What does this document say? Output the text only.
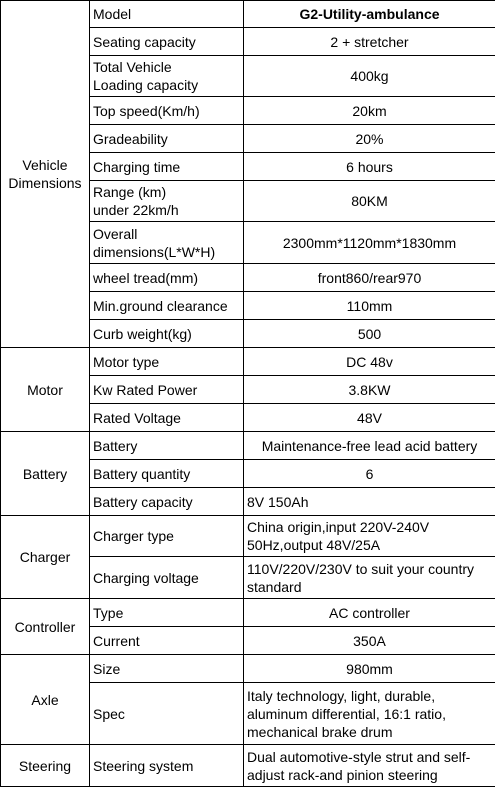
Vehicle
Dimensions	Model	G2-Utility-ambulance
	Seating capacity	2 + stretcher
	Total Vehicle
Loading capacity	400kg
	Top speed(Km/h)	20km
	Gradeability	20%
	Charging time	6 hours
	Range (km)
under 22km/h	80KM
	Overall
dimensions(L*W*H)	2300mm*1120mm*1830mm
	wheel tread(mm)	front860/rear970
	Min.ground clearance	110mm
	Curb weight(kg)	500
Motor	Motor type	DC 48v
	Kw Rated Power	3.8KW
	Rated Voltage	48V
Battery	Battery	Maintenance-free lead acid battery
	Battery quantity	6
	Battery capacity	8V 150Ah
Charger	Charger type	China origin,input 220V-240V
50Hz,output 48V/25A
	Charging voltage	110V/220V/230V to suit your country
standard
Controller	Type	AC controller
	Current	350A
Axle	Size	980mm
	Spec	Italy technology, light, durable,
aluminum differential, 16:1 ratio,
mechanical brake drum
Steering	Steering system	Dual automotive-style strut and self-
adjust rack-and pinion steering
